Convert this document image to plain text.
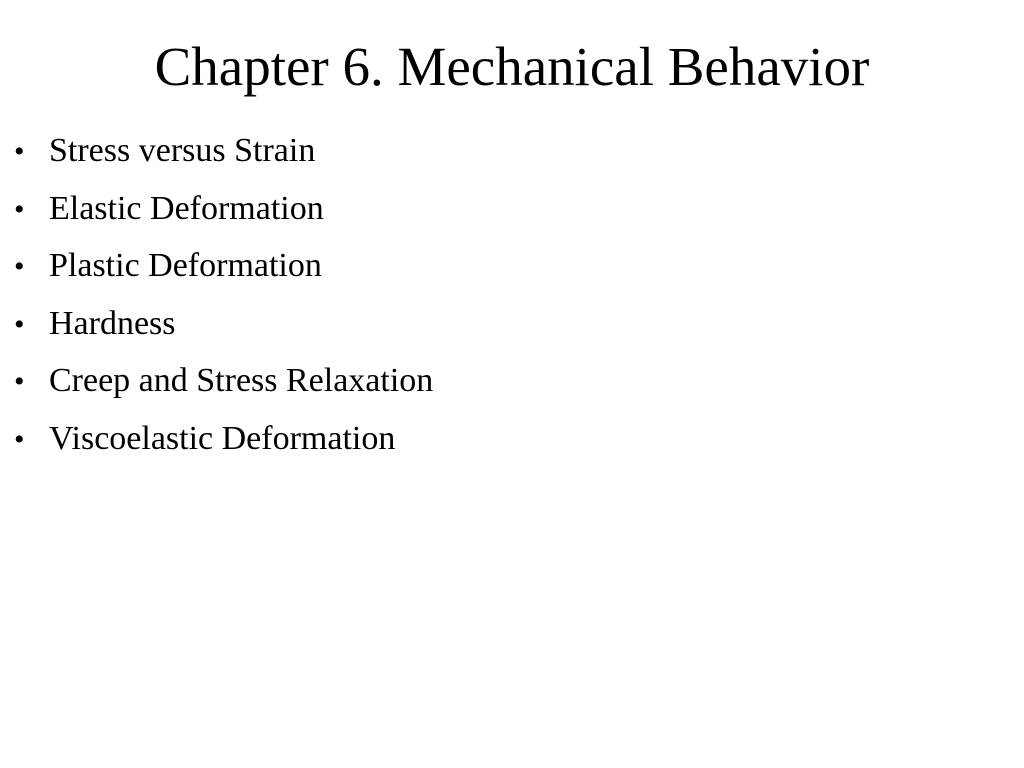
Chapter 6. Mechanical Behavior
• Stress versus Strain
• Elastic Deformation
• Plastic Deformation
• Hardness
• Creep and Stress Relaxation
• Viscoelastic Deformation
